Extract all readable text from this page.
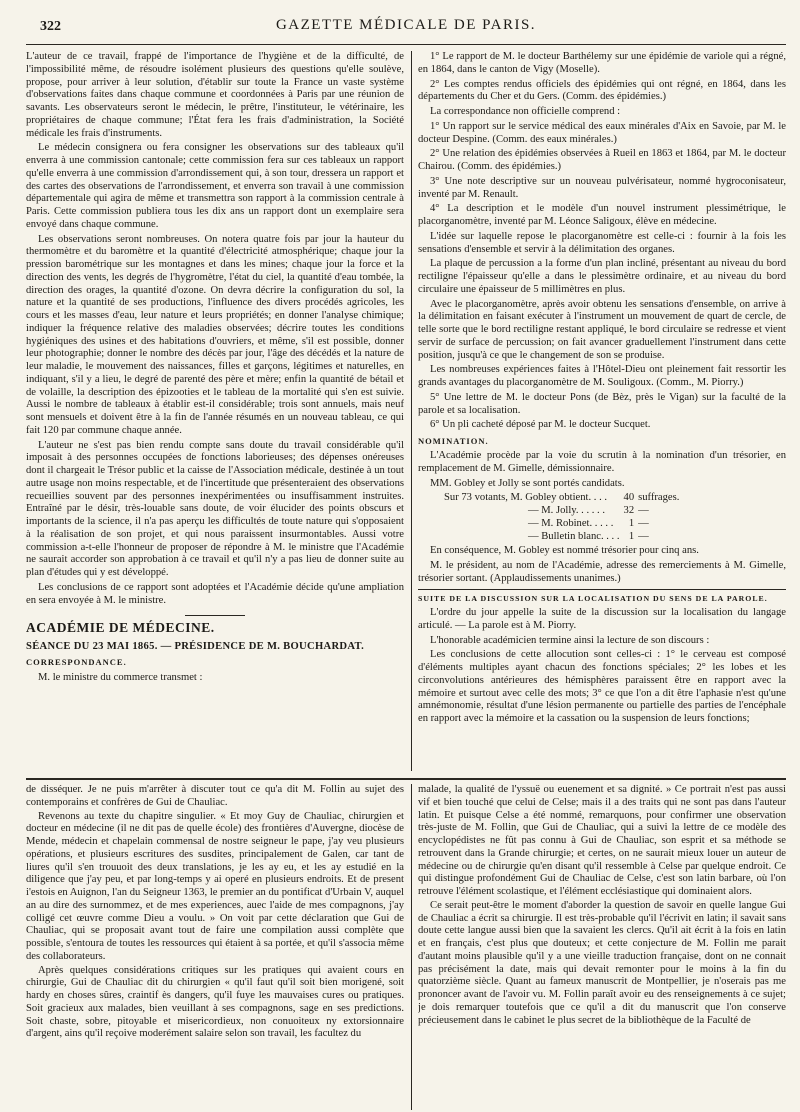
322	GAZETTE MÉDICALE DE PARIS.

L'auteur de ce travail, frappé de l'importance de l'hygiène et de la difficulté, de l'impossibilité même, de résoudre isolément plusieurs des questions qu'elle soulève, propose, pour arriver à leur solution, d'établir sur toute la France un vaste système d'observations faites dans chaque commune et coordonnées à Paris par une réunion de savants. Les observateurs seront le médecin, le prêtre, l'instituteur, le vétérinaire, les propriétaires de chaque commune; l'État fera les frais d'administration, la Société médicale les frais d'instruments.

Le médecin consignera ou fera consigner les observations sur des tableaux qu'il enverra à une commission cantonale; cette commission fera sur ces tableaux un rapport qu'elle enverra à une commission d'arrondissement qui, à son tour, dressera un rapport et des cartes des observations de l'arrondissement, et enverra son travail à une commission départementale qui agira de même et transmettra son rapport à la commission centrale à Paris. Cette commission publiera tous les dix ans un rapport dont un exemplaire sera envoyé dans chaque commune.

Les observations seront nombreuses. On notera quatre fois par jour la hauteur du thermomètre et du baromètre et la quantité d'électricité atmosphérique; chaque jour la pression barométrique sur les montagnes et dans les mines; chaque jour la force et la direction des vents, les degrés de l'hygromètre, l'état du ciel, la quantité d'eau tombée, la direction des orages, la quantité d'ozone. On devra décrire la configuration du sol, la nature et la quantité de ses productions, l'influence des divers procédés agricoles, les cours et les masses d'eau, leur nature et leurs propriétés; en donner l'analyse chimique; indiquer la fréquence relative des maladies observées; décrire toutes les conditions hygiéniques des usines et des habitations d'ouvriers, et même, s'il est possible, donner leur photographie; donner le nombre des décès par jour, l'âge des décédés et la nature de leur maladie, le mouvement des naissances, filles et garçons, légitimes et naturelles, en indiquant, s'il y a lieu, le degré de parenté des père et mère; enfin la quantité de bétail et de volaille, la description des épizooties et le tableau de la mortalité qui s'en est suivie. Aussi le nombre de tableaux à établir est-il considérable; trois sont annuels, mais neuf sont mensuels et doivent être à la fin de l'année résumés en un nouveau tableau, ce qui fait 120 par commune chaque année.

L'auteur ne s'est pas bien rendu compte sans doute du travail considérable qu'il imposait à des personnes occupées de fonctions laborieuses; des dépenses onéreuses dont il chargeait le Trésor public et la caisse de l'Association médicale, destinée à un tout autre usage non moins respectable, et de l'incertitude que présenteraient des observations recueillies souvent par des personnes inexpérimentées ou insuffisamment instruites. Entraîné par le désir, très-louable sans doute, de voir élucider des points obscurs et importants de la science, il n'a pas aperçu les difficultés de toute nature qui s'opposaient à la réalisation de son projet, et qui nous paraissent insurmontables. Aussi votre commission a-t-elle l'honneur de proposer de répondre à M. le ministre que l'Académie ne saurait accorder son approbation à ce travail et qu'il n'y a pas lieu de donner suite au plan d'études qui y est développé.

Les conclusions de ce rapport sont adoptées et l'Académie décide qu'une ampliation en sera envoyée à M. le ministre.

ACADÉMIE DE MÉDECINE.

SÉANCE DU 23 MAI 1865. — PRÉSIDENCE DE M. BOUCHARDAT.

CORRESPONDANCE.

M. le ministre du commerce transmet :

1° Le rapport de M. le docteur Barthélemy sur une épidémie de variole qui a régné, en 1864, dans le canton de Vigy (Moselle).

2° Les comptes rendus officiels des épidémies qui ont régné, en 1864, dans les départements du Cher et du Gers. (Comm. des épidémies.)

La correspondance non officielle comprend :

1° Un rapport sur le service médical des eaux minérales d'Aix en Savoie, par M. le docteur Despine. (Comm. des eaux minérales.)

2° Une relation des épidémies observées à Rueil en 1863 et 1864, par M. le docteur Chairou. (Comm. des épidémies.)

3° Une note descriptive sur un nouveau pulvérisateur, nommé hygroconisateur, inventé par M. Renault.

4° La description et le modèle d'un nouvel instrument plessimétrique, le placorganomètre, inventé par M. Léonce Saligoux, élève en médecine.

L'idée sur laquelle repose le placorganomètre est celle-ci : fournir à la fois les sensations d'ensemble et servir à la délimitation des organes.

La plaque de percussion a la forme d'un plan incliné, présentant au niveau du bord rectiligne l'épaisseur qu'elle a dans le plessimètre ordinaire, et au niveau du bord circulaire une épaisseur de 5 millimètres en plus.

Avec le placorganomètre, après avoir obtenu les sensations d'ensemble, on arrive à la délimitation en faisant exécuter à l'instrument un mouvement de quart de cercle, de telle sorte que le bord rectiligne restant appliqué, le bord circulaire se redresse et vient servir de surface de percussion; on fait avancer graduellement l'instrument dans cette position, jusqu'à ce que le changement de son se produise.

Les nombreuses expériences faites à l'Hôtel-Dieu ont pleinement fait ressortir les grands avantages du placorganomètre de M. Souligoux. (Comm., M. Piorry.)

5° Une lettre de M. le docteur Pons (de Bèz, près le Vigan) sur la faculté de la parole et sa localisation.

6° Un pli cacheté déposé par M. le docteur Sucquet.

NOMINATION.

L'Académie procède par la voie du scrutin à la nomination d'un trésorier, en remplacement de M. Gimelle, démissionnaire.

MM. Gobley et Jolly se sont portés candidats.

Sur 73 votants, M. Gobley obtient. . . .	40	suffrages.
— M. Jolly. . . . . .	32	—
— M. Robinet. . . . .	1	—
— Bulletin blanc. . . .	1	—

En conséquence, M. Gobley est nommé trésorier pour cinq ans.

M. le président, au nom de l'Académie, adresse des remerciements à M. Gimelle, trésorier sortant. (Applaudissements unanimes.)

SUITE DE LA DISCUSSION SUR LA LOCALISATION DU SENS DE LA PAROLE.

L'ordre du jour appelle la suite de la discussion sur la localisation du langage articulé. — La parole est à M. Piorry.

L'honorable académicien termine ainsi la lecture de son discours :

Les conclusions de cette allocution sont celles-ci : 1° le cerveau est composé d'éléments multiples ayant chacun des fonctions spéciales; 2° les lobes et les circonvolutions antérieures des hémisphères paraissent être en rapport avec la mémoire et surtout avec celle des mots; 3° ce que l'on a dit être l'aphasie n'est qu'une amnémonomie, résultat d'une lésion permanente ou partielle des parties de l'encéphale en rapport avec la mémoire et la cassation ou la suspension de leurs fonctions;

de disséquer. Je ne puis m'arrêter à discuter tout ce qu'a dit M. Follin au sujet des contemporains et confrères de Gui de Chauliac.

Revenons au texte du chapitre singulier. « Et moy Guy de Chauliac, chirurgien et docteur en médecine (il ne dit pas de quelle école) des frontières d'Auvergne, diocèse de Mende, médecin et chapelain commensal de nostre seigneur le pape, j'ay veu plusieurs opérations, et plusieurs escritures des susdites, principalement de Galen, car tant de liures qu'il s'en trouuoit des deux translations, je les ay eu, et les ay estudié en la diligence que j'ay peu, et par long-temps y ai operé en plusieurs endroits. Et de present i'estois en Auignon, l'an du Seigneur 1363, le premier an du pontificat d'Urbain V, auquel an au dire des surnommez, et de mes experiences, auec l'aide de mes compagnons, j'ay colligé cet œuvre comme Dieu a voulu. » On voit par cette déclaration que Gui de Chauliac, qui se proposait avant tout de faire une compilation aussi complète que possible, s'entoura de toutes les ressources qui étaient à sa portée, et qu'il s'associa même des collaborateurs.

Après quelques considérations critiques sur les pratiques qui avaient cours en chirurgie, Gui de Chauliac dit du chirurgien « qu'il faut qu'il soit bien morigené, soit hardy en choses sûres, craintif ès dangers, qu'il fuye les mauvaises cures ou pratiques. Soit gracieux aux malades, bien veuillant à ses compagnons, sage en ses predictions. Soit chaste, sobre, pitoyable et misericordieux, non conuoiteux ny extorsionnaire d'argent, ains qu'il reçoive moderément salaire selon son travail, les facultez du

malade, la qualité de l'yssuë ou euenement et sa dignité. » Ce portrait n'est pas aussi vif et bien touché que celui de Celse; mais il a des traits qui ne sont pas dans l'auteur latin. Et puisque Celse a été nommé, remarquons, pour confirmer une observation très-juste de M. Follin, que Gui de Chauliac, qui a suivi la lettre de ce modèle des encyclopédistes ne fût pas connu à Gui de Chauliac, son esprit et sa méthode se retrouvent dans la Grande chirurgie; et certes, on ne saurait mieux louer un auteur de médecine ou de chirurgie qu'en disant qu'il ressemble à Celse par quelque endroit. Ce qui distingue profondément Gui de Chauliac de Celse, c'est son latin barbare, où l'on retrouve l'élément scolastique, et l'élément ecclésiastique qui dominaient alors.

Ce serait peut-être le moment d'aborder la question de savoir en quelle langue Gui de Chauliac a écrit sa chirurgie. Il est très-probable qu'il l'écrivit en latin; il savait sans doute cette langue aussi bien que la savaient les clercs. Qu'il ait écrit à la fois en latin et en français, c'est plus que douteux; et cette conjecture de M. Follin me parait d'autant moins plausible qu'il y a une vieille traduction française, dont on ne connait pas précisément la date, mais qui devait remonter pour le moins à la fin du quatorzième siècle. Quant au fameux manuscrit de Montpellier, je n'oserais pas me prononcer avant de l'avoir vu. M. Follin paraît avoir eu des renseignements à ce sujet; je dois remarquer toutefois que ce qu'il a dit du manuscrit que l'on conserve précieusement dans le cabinet le plus secret de la bibliothèque de la Faculté de
